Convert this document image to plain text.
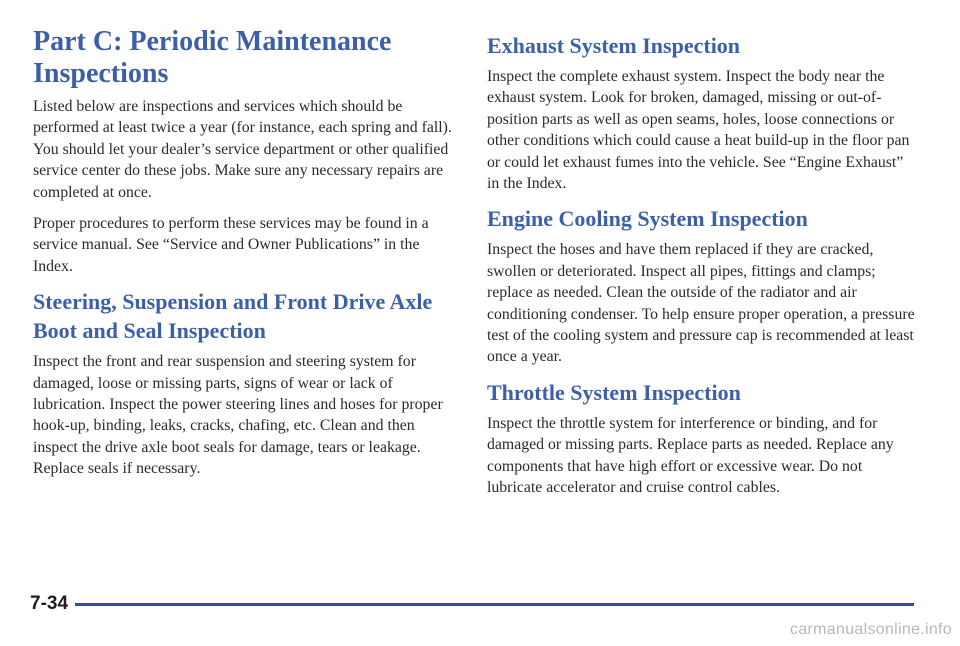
Part C: Periodic Maintenance Inspections

Listed below are inspections and services which should be performed at least twice a year (for instance, each spring and fall). You should let your dealer’s service department or other qualified service center do these jobs. Make sure any necessary repairs are completed at once.

Proper procedures to perform these services may be found in a service manual. See “Service and Owner Publications” in the Index.

Steering, Suspension and Front Drive Axle Boot and Seal Inspection

Inspect the front and rear suspension and steering system for damaged, loose or missing parts, signs of wear or lack of lubrication. Inspect the power steering lines and hoses for proper hook-up, binding, leaks, cracks, chafing, etc. Clean and then inspect the drive axle boot seals for damage, tears or leakage. Replace seals if necessary.

Exhaust System Inspection

Inspect the complete exhaust system. Inspect the body near the exhaust system. Look for broken, damaged, missing or out-of-position parts as well as open seams, holes, loose connections or other conditions which could cause a heat build-up in the floor pan or could let exhaust fumes into the vehicle. See “Engine Exhaust” in the Index.

Engine Cooling System Inspection

Inspect the hoses and have them replaced if they are cracked, swollen or deteriorated. Inspect all pipes, fittings and clamps; replace as needed. Clean the outside of the radiator and air conditioning condenser. To help ensure proper operation, a pressure test of the cooling system and pressure cap is recommended at least once a year.

Throttle System Inspection

Inspect the throttle system for interference or binding, and for damaged or missing parts. Replace parts as needed. Replace any components that have high effort or excessive wear. Do not lubricate accelerator and cruise control cables.

7-34
carmanualsonline.info
